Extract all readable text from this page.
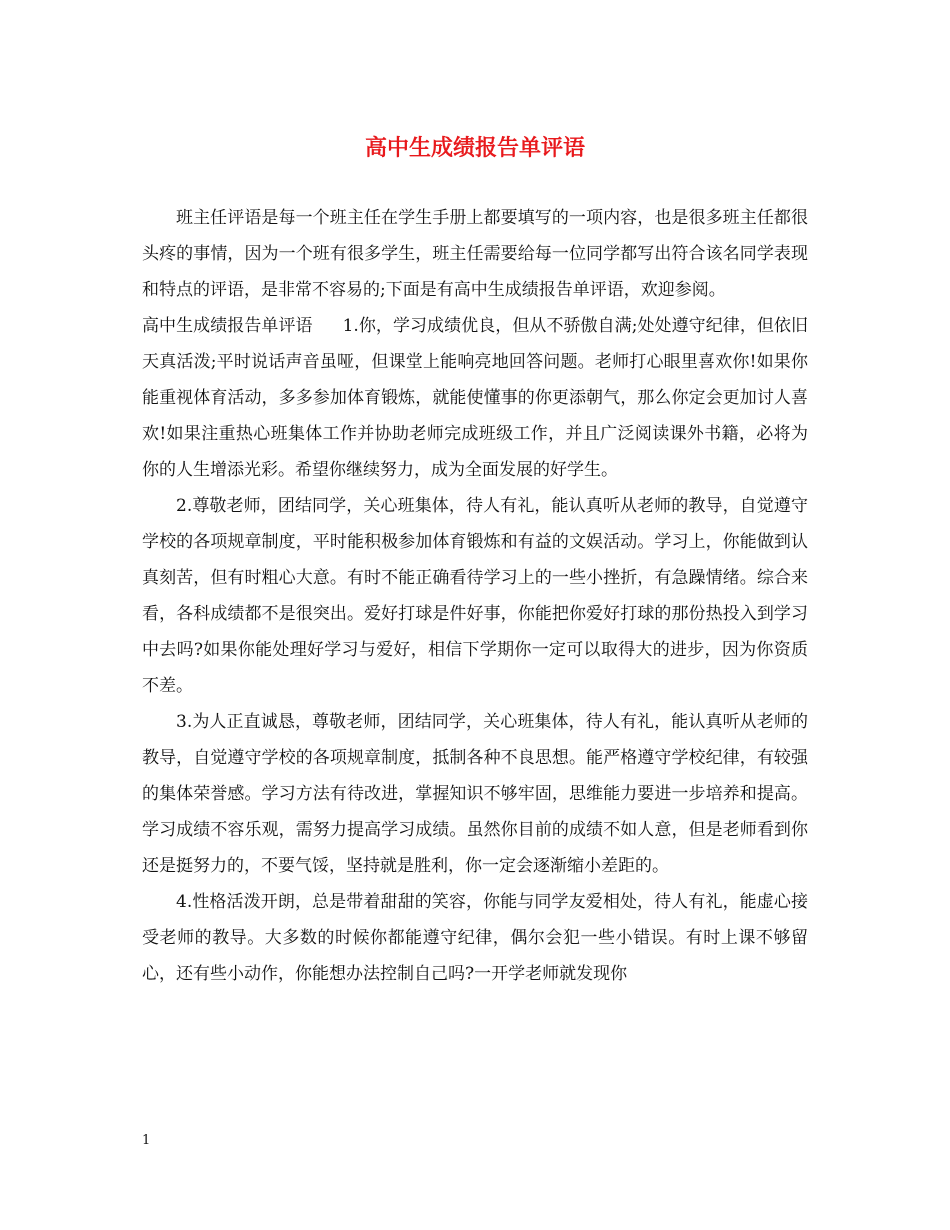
高中生成绩报告单评语

班主任评语是每一个班主任在学生手册上都要填写的一项内容，也是很多班主任都很头疼的事情，因为一个班有很多学生，班主任需要给每一位同学都写出符合该名同学表现和特点的评语，是非常不容易的;下面是有高中生成绩报告单评语，欢迎参阅。

高中生成绩报告单评语 1.你，学习成绩优良，但从不骄傲自满;处处遵守纪律，但依旧天真活泼;平时说话声音虽哑，但课堂上能响亮地回答问题。老师打心眼里喜欢你!如果你能重视体育活动，多多参加体育锻炼，就能使懂事的你更添朝气，那么你定会更加讨人喜欢!如果注重热心班集体工作并协助老师完成班级工作，并且广泛阅读课外书籍，必将为你的人生增添光彩。希望你继续努力，成为全面发展的好学生。

2.尊敬老师，团结同学，关心班集体，待人有礼，能认真听从老师的教导，自觉遵守学校的各项规章制度，平时能积极参加体育锻炼和有益的文娱活动。学习上，你能做到认真刻苦，但有时粗心大意。有时不能正确看待学习上的一些小挫折，有急躁情绪。综合来看，各科成绩都不是很突出。爱好打球是件好事，你能把你爱好打球的那份热投入到学习中去吗?如果你能处理好学习与爱好，相信下学期你一定可以取得大的进步，因为你资质不差。

3.为人正直诚恳，尊敬老师，团结同学，关心班集体，待人有礼，能认真听从老师的教导，自觉遵守学校的各项规章制度，抵制各种不良思想。能严格遵守学校纪律，有较强的集体荣誉感。学习方法有待改进，掌握知识不够牢固，思维能力要进一步培养和提高。学习成绩不容乐观，需努力提高学习成绩。虽然你目前的成绩不如人意，但是老师看到你还是挺努力的，不要气馁，坚持就是胜利，你一定会逐渐缩小差距的。

4.性格活泼开朗，总是带着甜甜的笑容，你能与同学友爱相处，待人有礼，能虚心接受老师的教导。大多数的时候你都能遵守纪律，偶尔会犯一些小错误。有时上课不够留心，还有些小动作，你能想办法控制自己吗?一开学老师就发现你

1
